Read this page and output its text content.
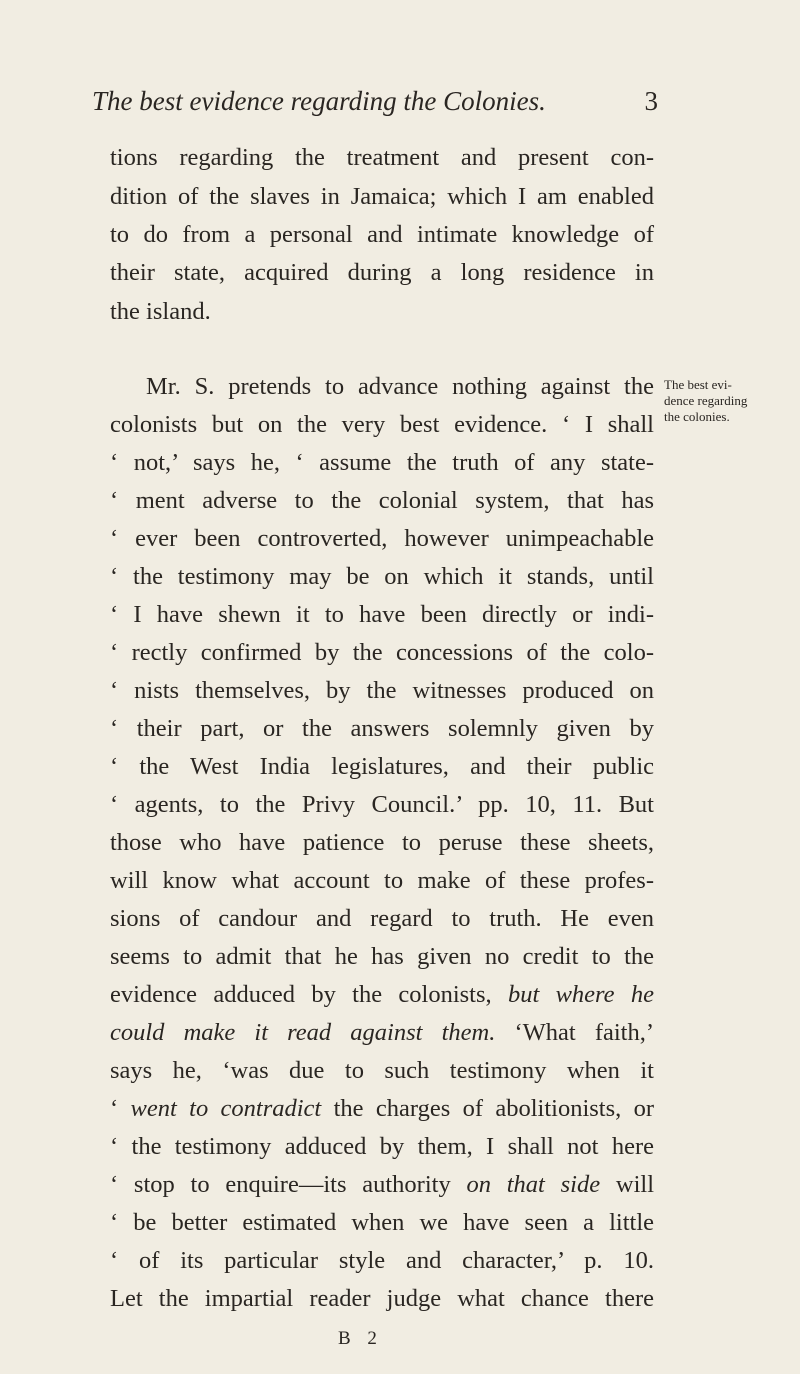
The best evidence regarding the Colonies.	3
tions regarding the treatment and present con-
dition of the slaves in Jamaica; which I am enabled
to do from a personal and intimate knowledge of
their state, acquired during a long residence in
the island.
Mr. S. pretends to advance nothing against the
colonists but on the very best evidence. ‘ I shall
‘ not,’ says he, ‘ assume the truth of any state-
‘ ment adverse to the colonial system, that has
‘ ever been controverted, however unimpeachable
‘ the testimony may be on which it stands, until
‘ I have shewn it to have been directly or indi-
‘ rectly confirmed by the concessions of the colo-
‘ nists themselves, by the witnesses produced on
‘ their part, or the answers solemnly given by
‘ the West India legislatures, and their public
‘ agents, to the Privy Council.’ pp. 10, 11. But
those who have patience to peruse these sheets,
will know what account to make of these profes-
sions of candour and regard to truth. He even
seems to admit that he has given no credit to the
evidence adduced by the colonists, but where he
could make it read against them. ‘What faith,’
says he, ‘was due to such testimony when it
‘ went to contradict the charges of abolitionists, or
‘ the testimony adduced by them, I shall not here
‘ stop to enquire—its authority on that side will
‘ be better estimated when we have seen a little
‘ of its particular style and character,’ p. 10.
Let the impartial reader judge what chance there
The best evi-
dence regarding
the colonies.
B 2
